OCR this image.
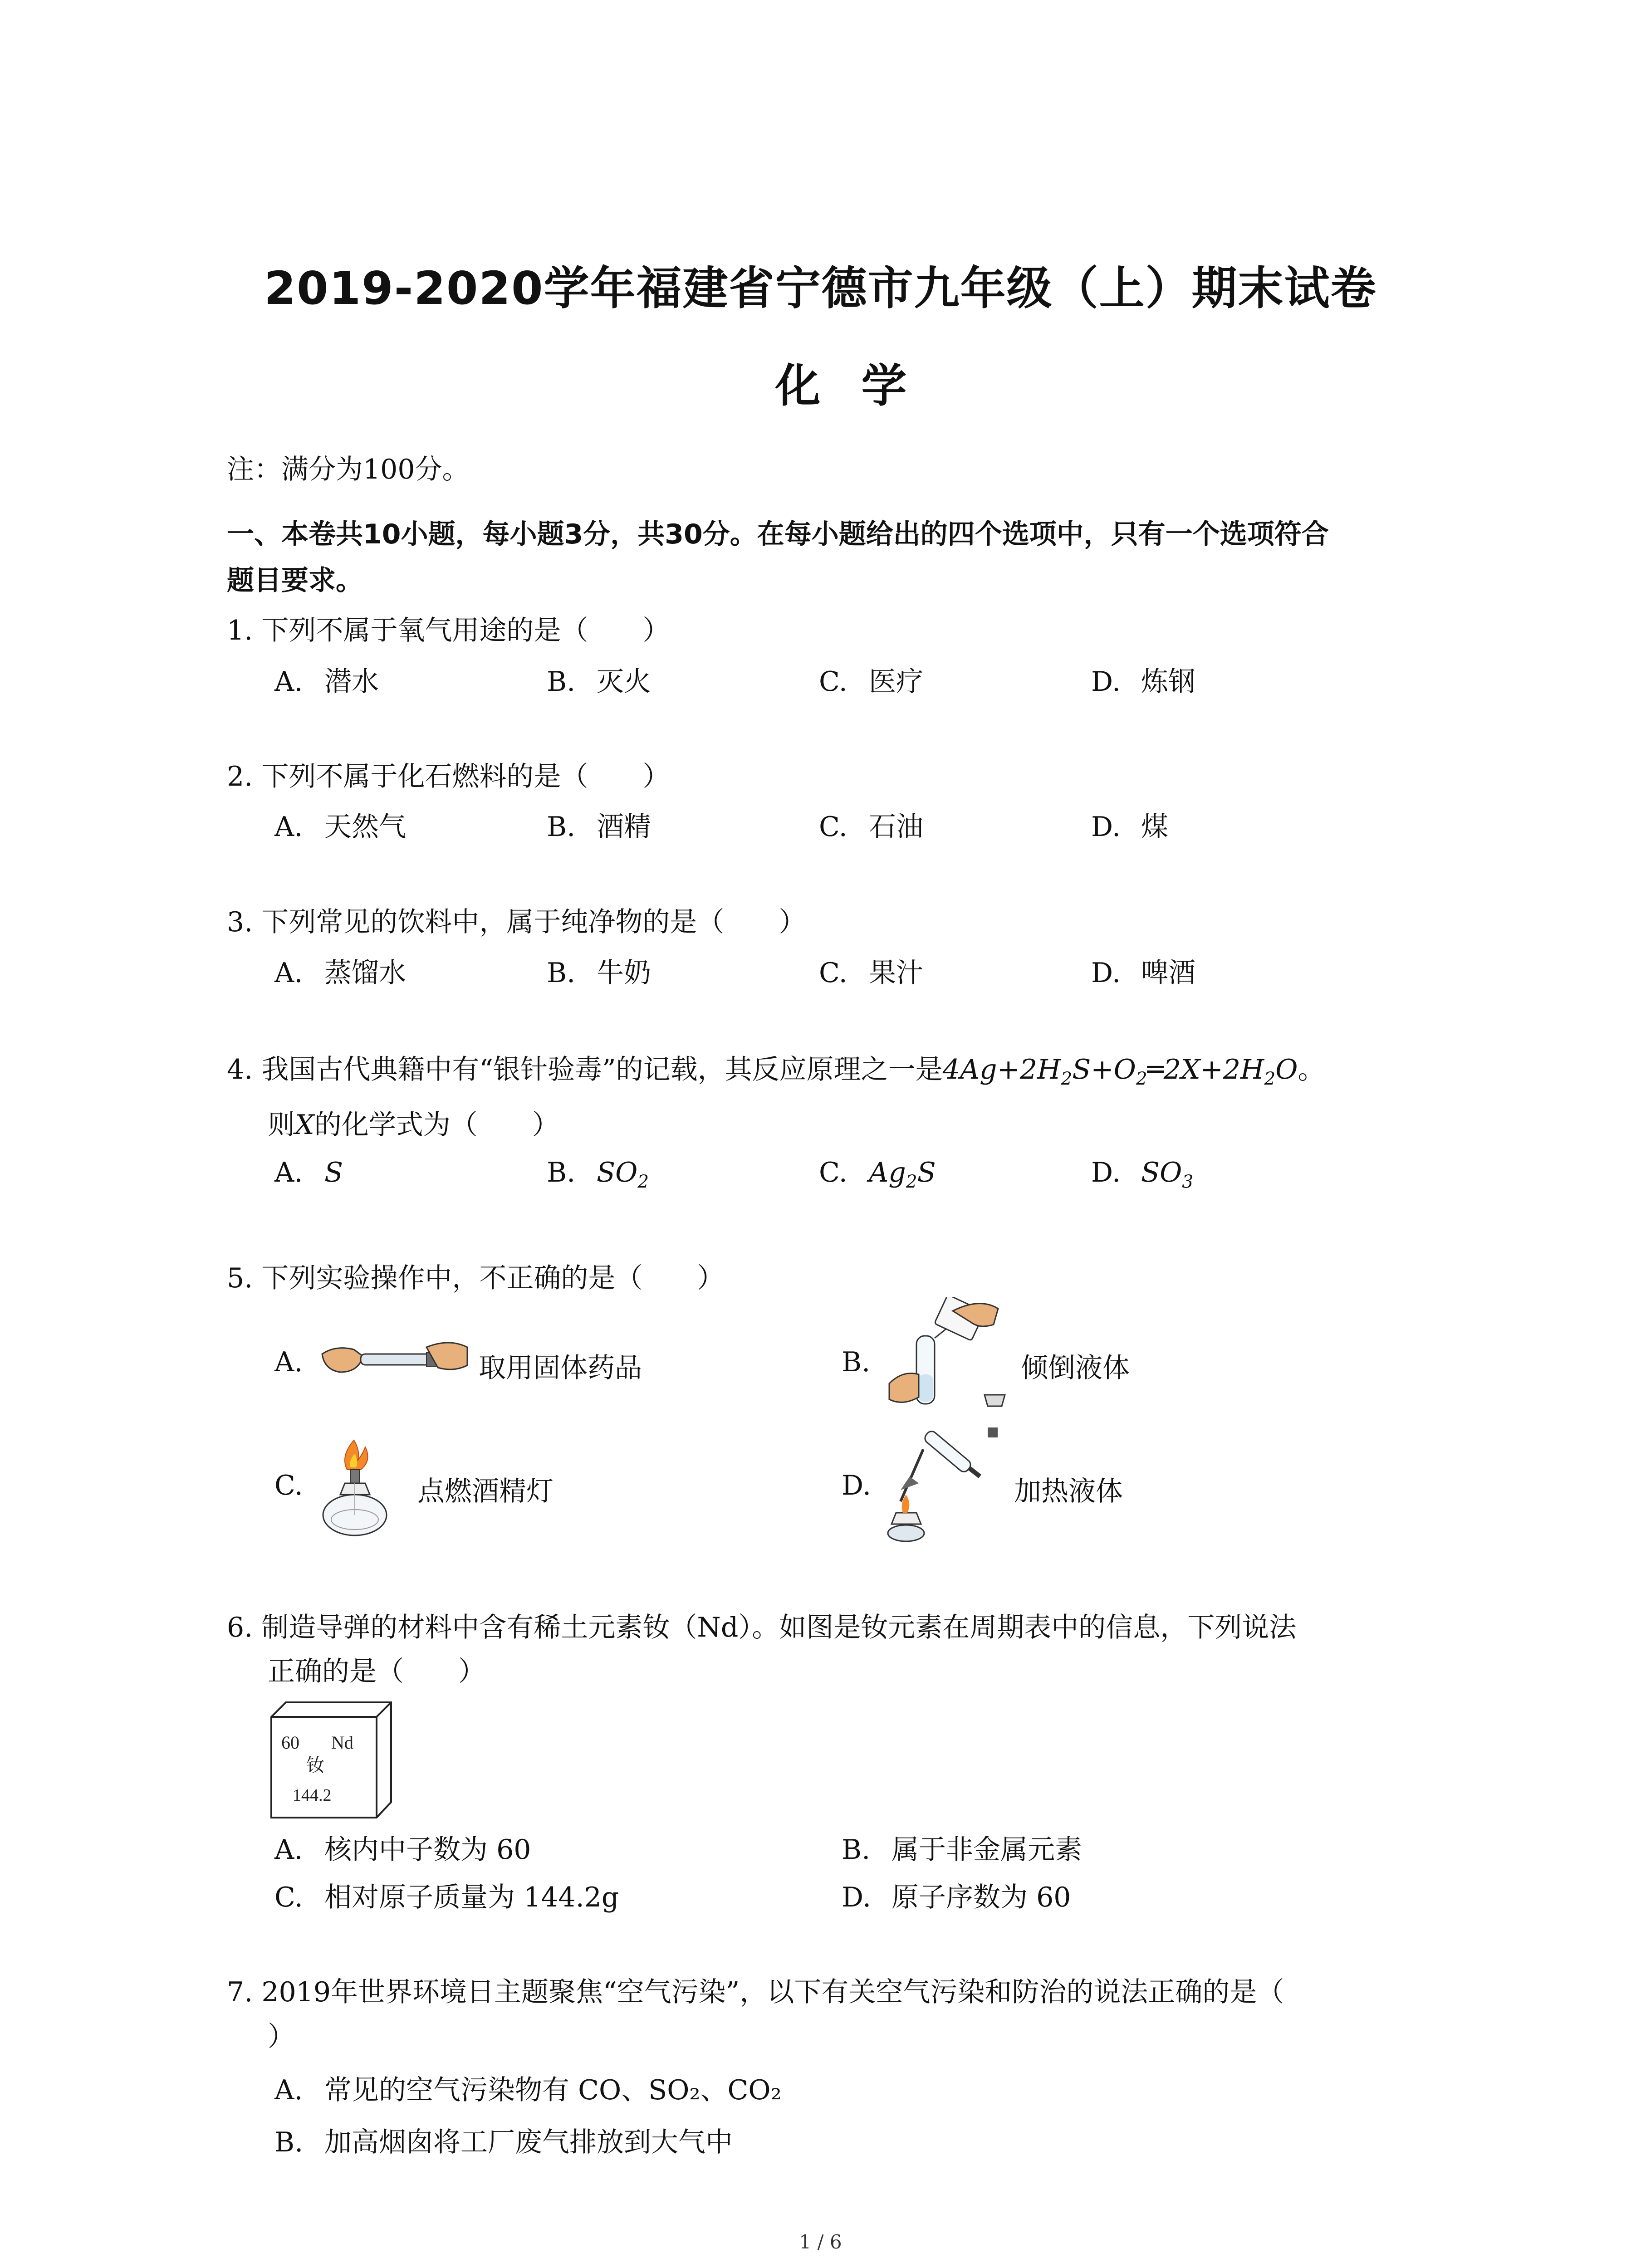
2019-2020学年福建省宁德市九年级（上）期末试卷
化学
注：满分为100分。
一、本卷共10小题，每小题3分，共30分。在每小题给出的四个选项中，只有一个选项符合
题目要求。
1. 下列不属于氧气用途的是（　　）
A. 潜水	B. 灭火	C. 医疗	D. 炼钢
2. 下列不属于化石燃料的是（　　）
A. 天然气	B. 酒精	C. 石油	D. 煤
3. 下列常见的饮料中，属于纯净物的是（　　）
A. 蒸馏水	B. 牛奶	C. 果汁	D. 啤酒
4. 我国古代典籍中有“银针验毒”的记载，其反应原理之一是$4Ag+2H_2S+O_2═2X+2H_2O$。
则X的化学式为（　　）
A. S	B. $SO_2$	C. $Ag_2S$	D. $SO_3$
5. 下列实验操作中，不正确的是（　　）
A.	取用固体药品	B.	倾倒液体
C.	点燃酒精灯	D.	加热液体
6. 制造导弹的材料中含有稀土元素钕（Nd）。如图是钕元素在周期表中的信息，下列说法
正确的是（　　）
60 Nd
钕
144.2
A. 核内中子数为 60	B. 属于非金属元素
C. 相对原子质量为 144.2g	D. 原子序数为 60
7. 2019年世界环境日主题聚焦“空气污染”，以下有关空气污染和防治的说法正确的是（
）
A. 常见的空气污染物有 CO、SO₂、CO₂
B. 加高烟囱将工厂废气排放到大气中
1 / 6
